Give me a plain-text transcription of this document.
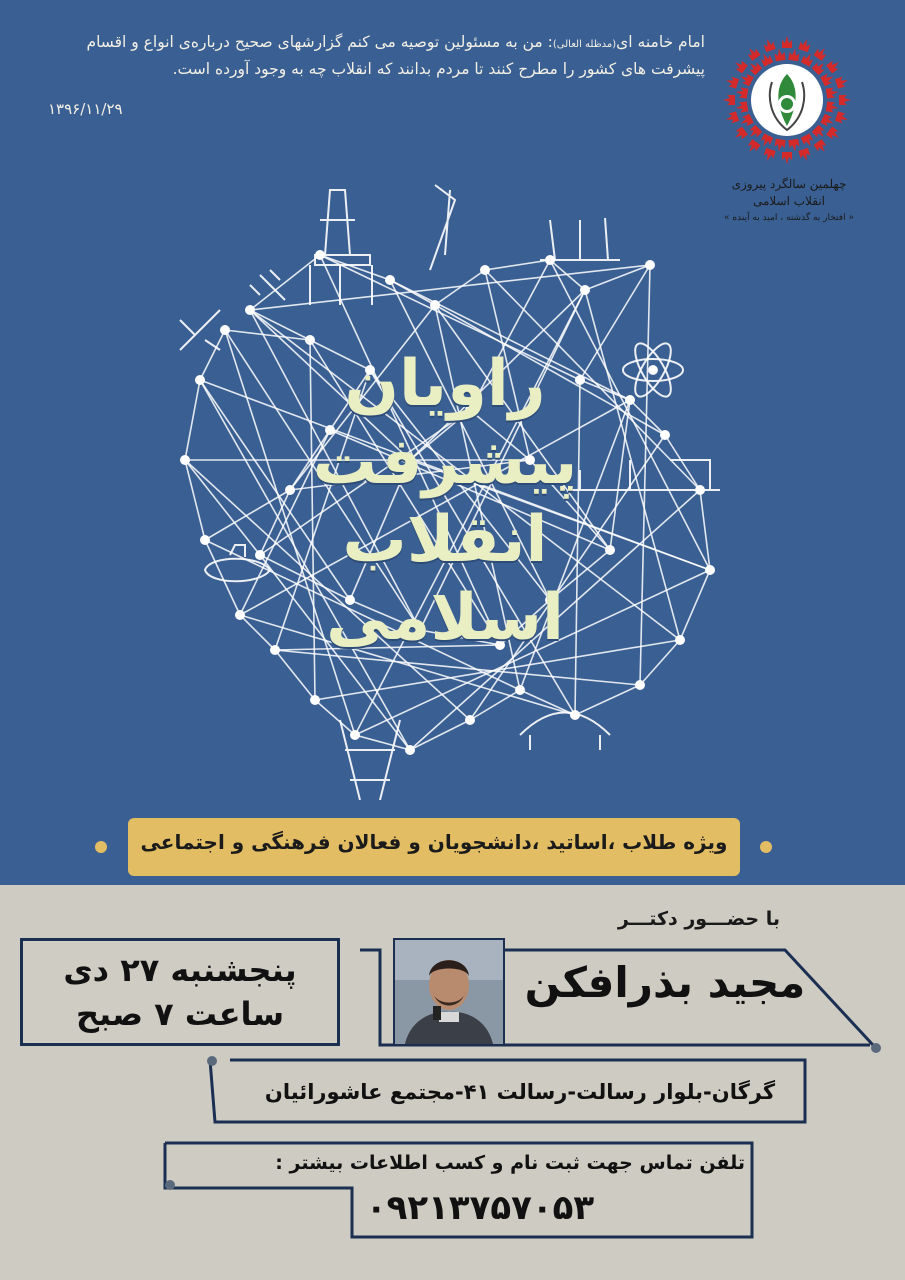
امام خامنه ای(مدظله العالی): من به مسئولین توصیه می کنم گزارشهای صحیح درباره‌ی انواع و اقسام پیشرفت های کشور را مطرح کنند تا مردم بدانند که انقلاب چه به وجود آورده است.
۱۳۹۶/۱۱/۲۹
چهلمین سالگرد پیروزی انقلاب اسلامی
« افتخار به گذشته ، امید به آینده »
راویان
پیشرفت
انقلاب
اسلامی
ویژه طلاب ،اساتید ،دانشجویان و فعالان فرهنگی و اجتماعی
با حضـــور دکتـــر
پنجشنبه ۲۷ دی
ساعت ۷ صبح
مجید بذرافکن
گرگان-بلوار رسالت-رسالت ۴۱-مجتمع عاشورائیان
تلفن تماس جهت ثبت نام و کسب اطلاعات بیشتر :
۰۹۲۱۳۷۵۷۰۵۳
